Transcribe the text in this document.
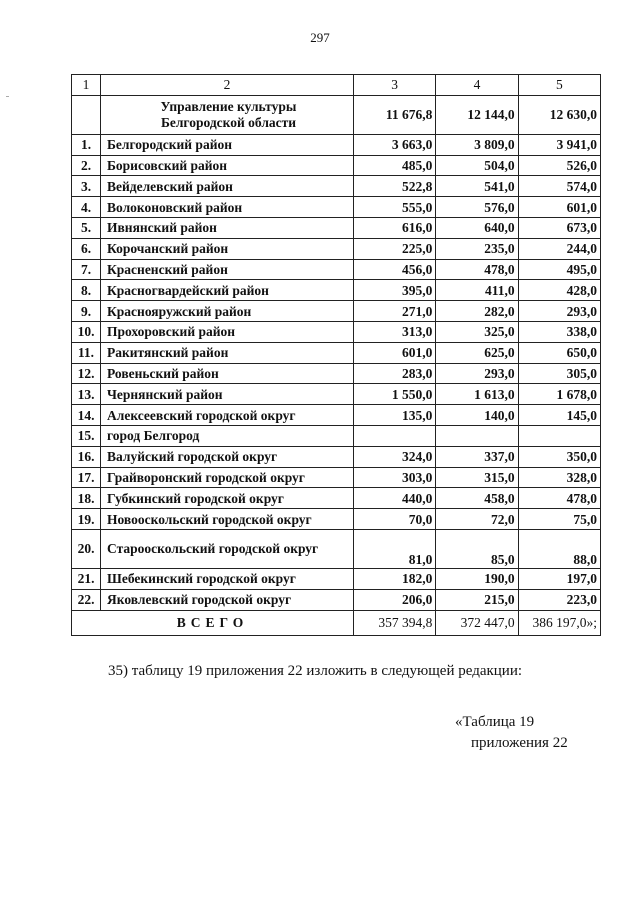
297
1	2	3	4	5

	Управление культуры
Белгородской области	11 676,8	12 144,0	12 630,0
1.	Белгородский район	3 663,0	3 809,0	3 941,0
2.	Борисовский район	485,0	504,0	526,0
3.	Вейделевский район	522,8	541,0	574,0
4.	Волоконовский район	555,0	576,0	601,0
5.	Ивнянский район	616,0	640,0	673,0
6.	Корочанский район	225,0	235,0	244,0
7.	Красненский район	456,0	478,0	495,0
8.	Красногвардейский район	395,0	411,0	428,0
9.	Краснояружский район	271,0	282,0	293,0
10.	Прохоровский район	313,0	325,0	338,0
11.	Ракитянский район	601,0	625,0	650,0
12.	Ровеньский район	283,0	293,0	305,0
13.	Чернянский район	1 550,0	1 613,0	1 678,0
14.	Алексеевский городской округ	135,0	140,0	145,0
15.	город Белгород			
16.	Валуйский городской округ	324,0	337,0	350,0
17.	Грайворонский городской округ	303,0	315,0	328,0
18.	Губкинский городской округ	440,0	458,0	478,0
19.	Новооскольский городской округ	70,0	72,0	75,0
20.	Старооскольский городской округ	81,0	85,0	88,0
21.	Шебекинский городской округ	182,0	190,0	197,0
22.	Яковлевский городской округ	206,0	215,0	223,0
ВСЕГО		357 394,8	372 447,0	386 197,0»;
35) таблицу 19 приложения 22 изложить в следующей редакции:
«Таблица 19
приложения 22
